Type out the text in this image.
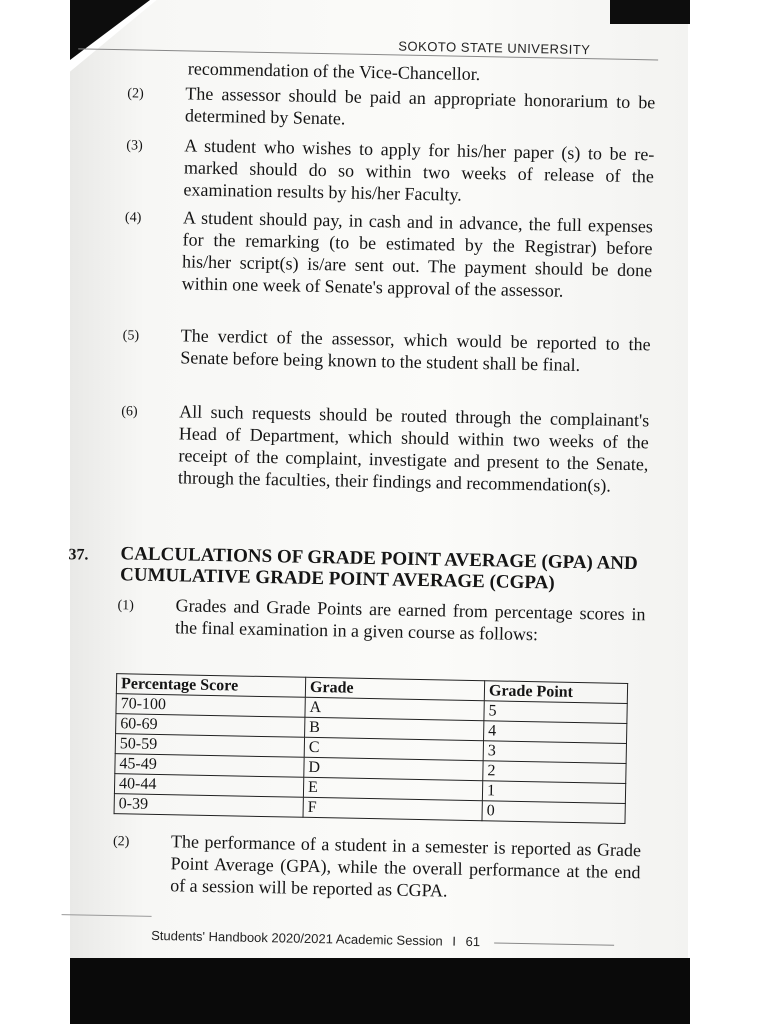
SOKOTO STATE UNIVERSITY
recommendation of the Vice-Chancellor.
(2) The assessor should be paid an appropriate honorarium to be determined by Senate.
(3) A student who wishes to apply for his/her paper (s) to be re-marked should do so within two weeks of release of the examination results by his/her Faculty.
(4) A student should pay, in cash and in advance, the full expenses for the remarking (to be estimated by the Registrar) before his/her script(s) is/are sent out. The payment should be done within one week of Senate's approval of the assessor.
(5) The verdict of the assessor, which would be reported to the Senate before being known to the student shall be final.
(6) All such requests should be routed through the complainant's Head of Department, which should within two weeks of the receipt of the complaint, investigate and present to the Senate, through the faculties, their findings and recommendation(s).
37. CALCULATIONS OF GRADE POINT AVERAGE (GPA) AND CUMULATIVE GRADE POINT AVERAGE (CGPA)
(1) Grades and Grade Points are earned from percentage scores in the final examination in a given course as follows:
Percentage Score	Grade	Grade Point
70-100	A	5
60-69	B	4
50-59	C	3
45-49	D	2
40-44	E	1
0-39	F	0
(2) The performance of a student in a semester is reported as Grade Point Average (GPA), while the overall performance at the end of a session will be reported as CGPA.
Students' Handbook 2020/2021 Academic Session I 61
